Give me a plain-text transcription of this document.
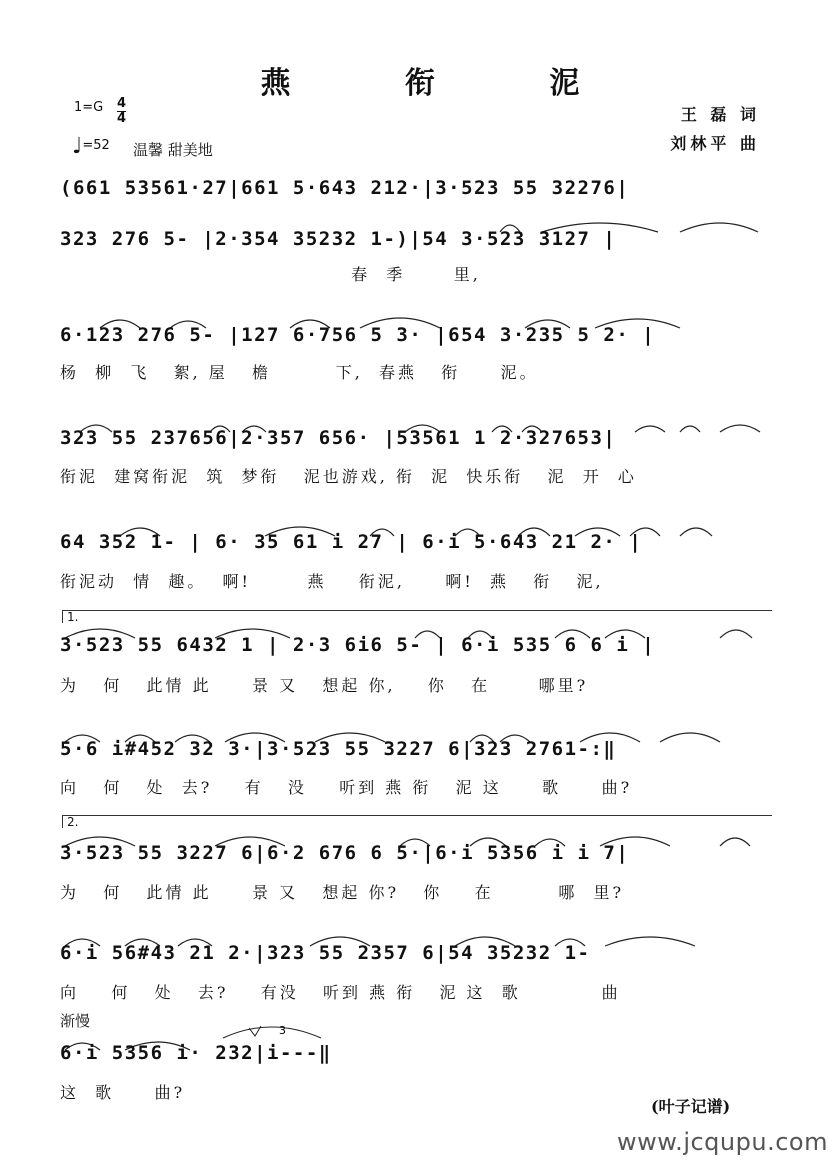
燕 衔 泥
1=G 4
4
♩=52 温馨 甜美地
王 磊 词
刘林平 曲
(661 53561·27|661 5·643 212·|3·523 55 32276|
323 276 5- |2·354 35232 1-)|54 3·523 3127 |
春  季      里,
6·123 276 5- |127 6·756 5 3· |654 3·235 5 2· |
杨  柳  飞   絮, 屋   檐        下,  春燕   衔     泥。
323 55 237656|2·357 656· |53561 1 2·327653|
衔泥  建窝衔泥  筑  梦衔   泥也游戏, 衔  泥  快乐衔   泥  开  心
64 352 1- | 6· 35 61 i 27 | 6·i 5·643 21 2· |
衔泥动  情  趣。  啊!       燕    衔泥,     啊!  燕   衔   泥,
1.
3·523 55 6432 1 | 2·3 6i6 5- | 6·i 535 6 6 i |
为   何   此情 此     景 又   想起 你,    你   在      哪里?
5·6 i#452 32 3·|3·523 55 3227 6|323 2761-:‖
向   何   处  去?    有   没    听到 燕 衔   泥 这     歌     曲?
2.
3·523 55 3227 6|6·2 676 6 5·|6·i 5356 i i 7|
为   何   此情 此     景 又   想起 你?   你    在        哪  里?
6·i 56#43 21 2·|323 55 2357 6|54 35232 1-
向    何   处   去?    有没   听到 燕 衔   泥 这  歌          曲
渐慢
3
6·i 5356 i· 232|i---‖
这  歌     曲?
(叶子记谱)
www.jcqupu.com
